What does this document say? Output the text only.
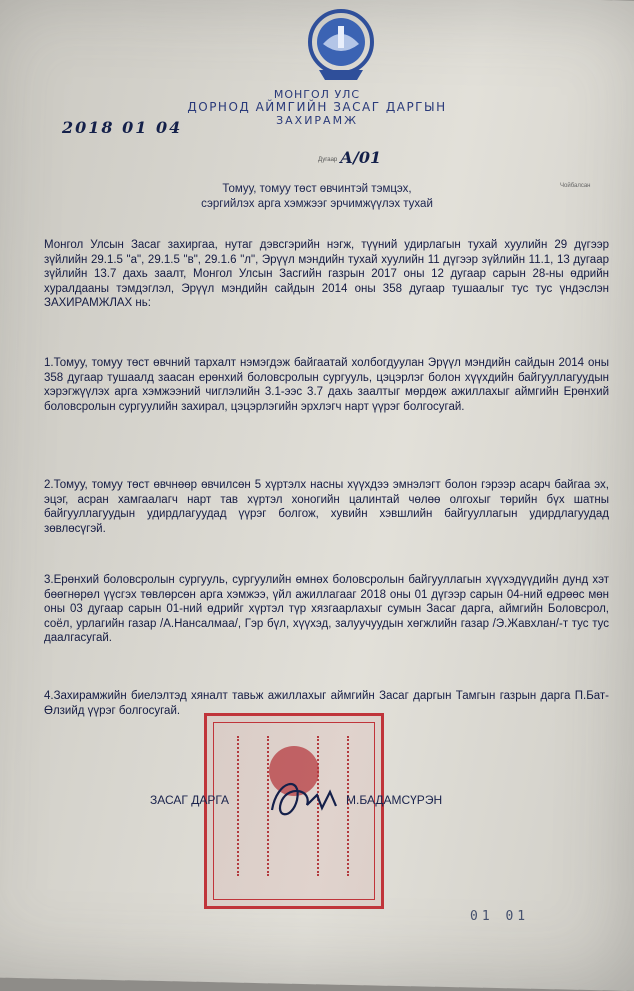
МОНГОЛ УЛС
ДОРНОД АЙМГИЙН ЗАСАГ ДАРГЫН
ЗАХИРАМЖ
2018 01 04
Дугаар А/01
Чойбалсан
Томуу, томуу төст өвчинтэй тэмцэх,
сэргийлэх арга хэмжээг эрчимжүүлэх тухай
Монгол Улсын Засаг захиргаа, нутаг дэвсгэрийн нэгж, түүний удирлагын тухай хуулийн 29 дүгээр зүйлийн 29.1.5 "а", 29.1.5 "в", 29.1.6 "л", Эрүүл мэндийн тухай хуулийн 11 дүгээр зүйлийн 11.1, 13 дугаар зүйлийн 13.7 дахь заалт, Монгол Улсын Засгийн газрын 2017 оны 12 дугаар сарын 28-ны өдрийн хуралдааны тэмдэглэл, Эрүүл мэндийн сайдын 2014 оны 358 дугаар тушаалыг тус тус үндэслэн ЗАХИРАМЖЛАХ нь:
1.Томуу, томуу төст өвчний тархалт нэмэгдэж байгаатай холбогдуулан Эрүүл мэндийн сайдын 2014 оны 358 дугаар тушаалд заасан ерөнхий боловсролын сургууль, цэцэрлэг болон хүүхдийн байгууллагуудын хэрэгжүүлэх арга хэмжээний чиглэлийн 3.1-ээс 3.7 дахь заалтыг мөрдөж ажиллахыг аймгийн Ерөнхий боловсролын сургуулийн захирал, цэцэрлэгийн эрхлэгч нарт үүрэг болгосугай.
2.Томуу, томуу төст өвчнөөр өвчилсөн 5 хүртэлх насны хүүхдээ эмнэлэгт болон гэрээр асарч байгаа эх, эцэг, асран хамгаалагч нарт тав хүртэл хоногийн цалинтай чөлөө олгохыг төрийн бүх шатны байгууллагуудын удирдлагуудад үүрэг болгож, хувийн хэвшлийн байгууллагын удирдлагуудад зөвлөсүгэй.
3.Ерөнхий боловсролын сургууль, сургуулийн өмнөх боловсролын байгууллагын хүүхэдүүдийн дунд хэт бөөгнөрөл үүсгэх төвлөрсөн арга хэмжээ, үйл ажиллагааг 2018 оны 01 дүгээр сарын 04-ний өдрөөс мөн оны 03 дугаар сарын 01-ний өдрийг хүртэл түр хязгаарлахыг сумын Засаг дарга, аймгийн Боловсрол, соёл, урлагийн газар /А.Нансалмаа/, Гэр бүл, хүүхэд, залуучуудын хөгжлийн газар /Э.Жавхлан/-т тус тус даалгасугай.
4.Захирамжийн биелэлтэд хяналт тавьж ажиллахыг аймгийн Засаг даргын Тамгын газрын дарга П.Бат-Өлзийд үүрэг болгосугай.
ЗАСАГ ДАРГА	М.БАДАМСҮРЭН
01 01
